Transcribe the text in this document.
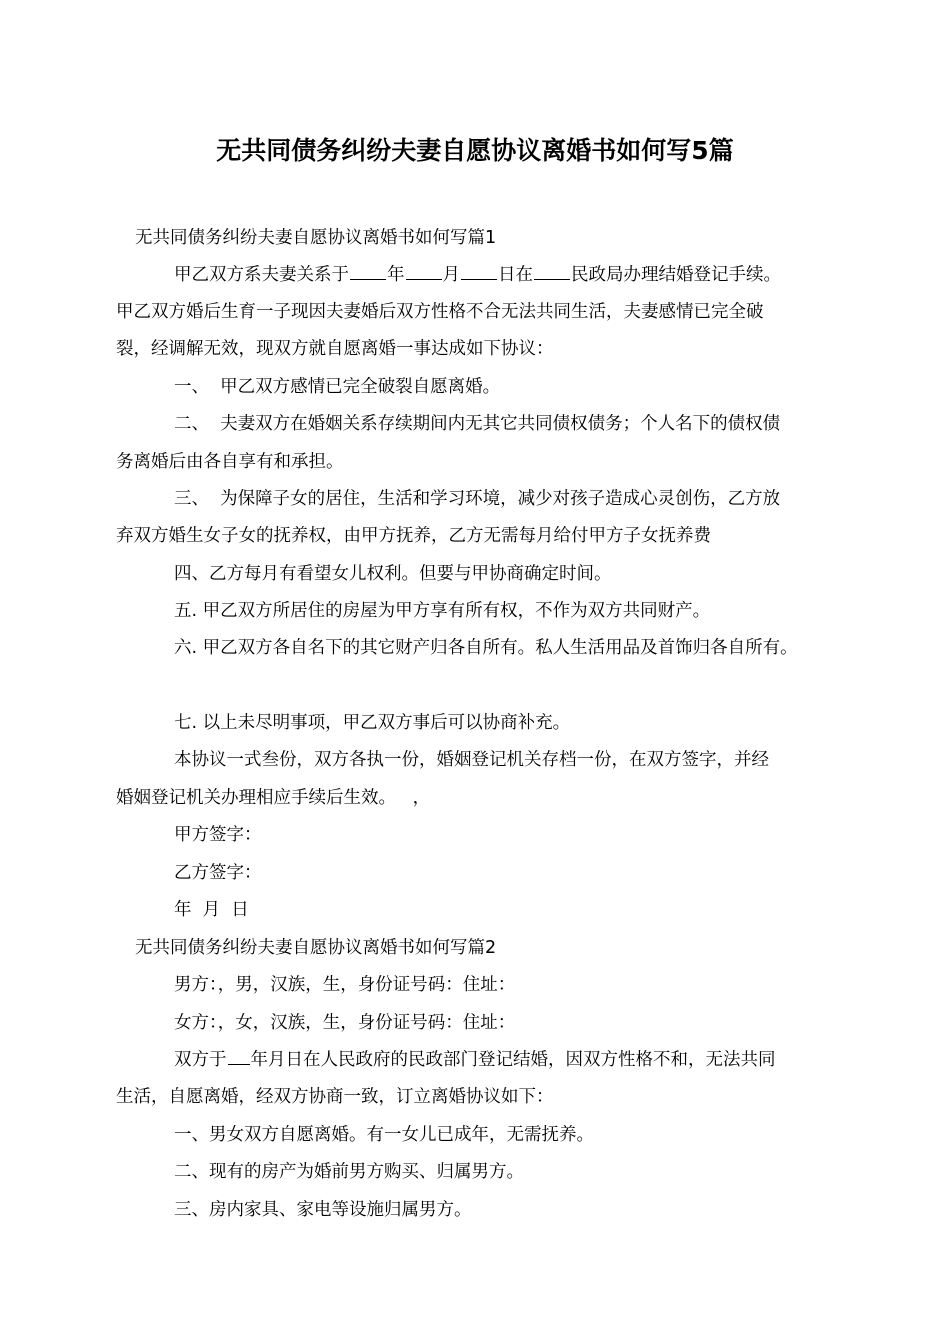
无共同债务纠纷夫妻自愿协议离婚书如何写5篇
无共同债务纠纷夫妻自愿协议离婚书如何写篇1
甲乙双方系夫妻关系于 年 月 日在 民政局办理结婚登记手续。
甲乙双方婚后生育一子现因夫妻婚后双方性格不合无法共同生活，夫妻感情已完全破
裂，经调解无效，现双方就自愿离婚一事达成如下协议：
一、  甲乙双方感情已完全破裂自愿离婚。
二、  夫妻双方在婚姻关系存续期间内无其它共同债权债务；个人名下的债权债
务离婚后由各自享有和承担。
三、  为保障子女的居住，生活和学习环境，减少对孩子造成心灵创伤，乙方放
弃双方婚生女子女的抚养权，由甲方抚养，乙方无需每月给付甲方子女抚养费
四、乙方每月有看望女儿权利。但要与甲协商确定时间。
五. 甲乙双方所居住的房屋为甲方享有所有权，不作为双方共同财产。
六. 甲乙双方各自名下的其它财产归各自所有。私人生活用品及首饰归各自所有。
七. 以上未尽明事项，甲乙双方事后可以协商补充。
本协议一式叁份，双方各执一份，婚姻登记机关存档一份，在双方签字，并经
婚姻登记机关办理相应手续后生效。   ，
甲方签字：
乙方签字：
年  月  日
无共同债务纠纷夫妻自愿协议离婚书如何写篇2
男方：，男，汉族，生，身份证号码：住址：
女方：，女，汉族，生，身份证号码：住址：
双方于 年月日在人民政府的民政部门登记结婚，因双方性格不和，无法共同
生活，自愿离婚，经双方协商一致，订立离婚协议如下：
一、男女双方自愿离婚。有一女儿已成年，无需抚养。
二、现有的房产为婚前男方购买、归属男方。
三、房内家具、家电等设施归属男方。
